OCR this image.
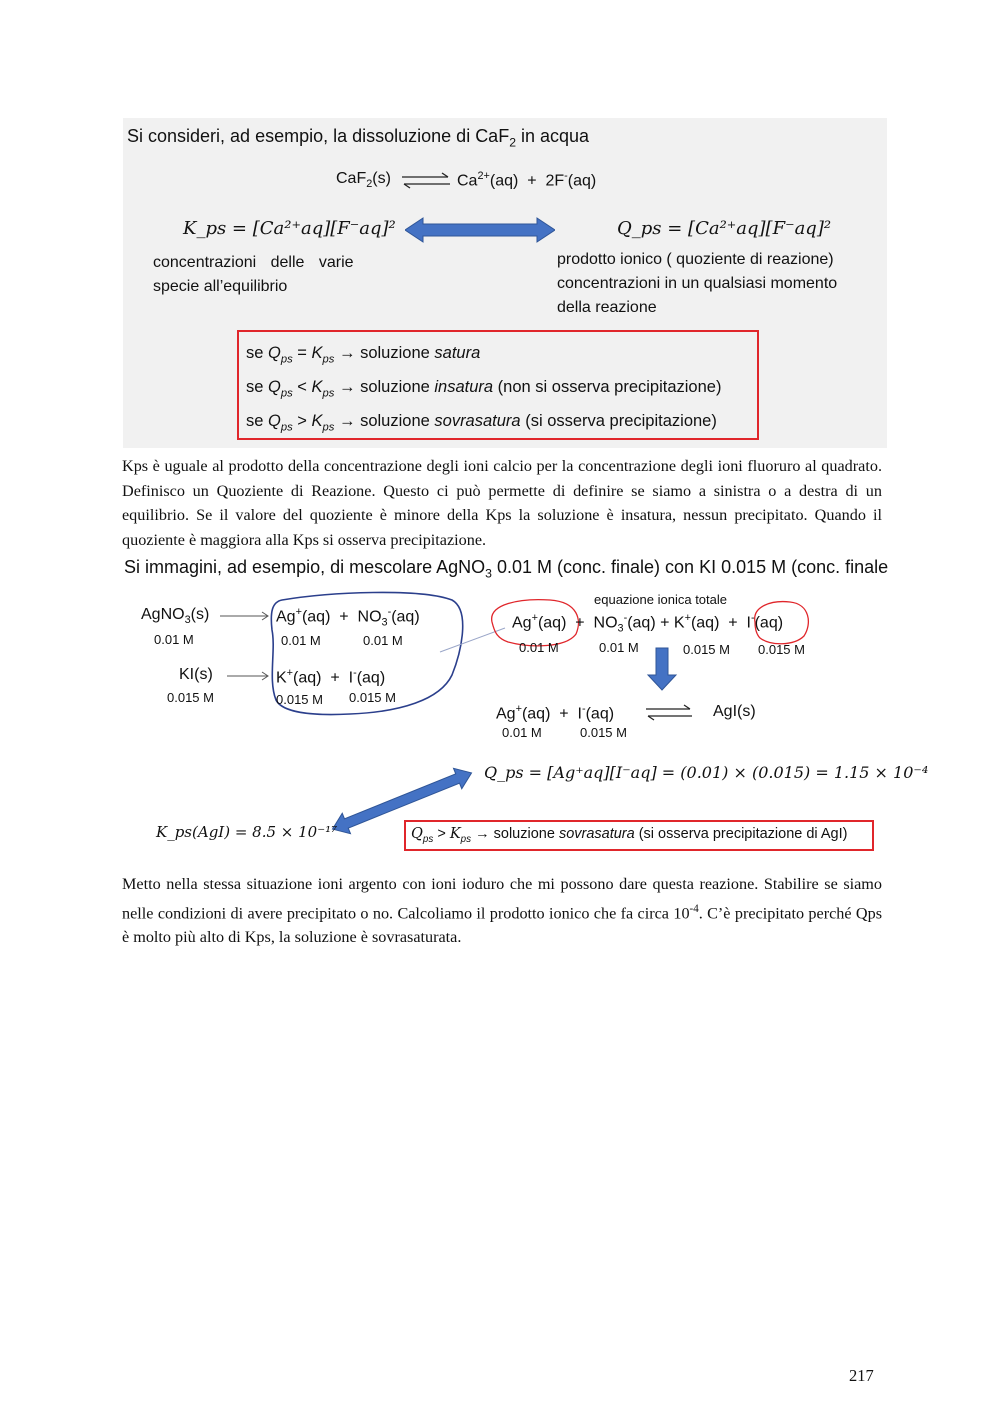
Si consideri, ad esempio, la dissoluzione di CaF$_2$ in acqua
CaF$_2$(s) ⇌ $Ca^{2+}(aq) + 2F^-(aq)$
K_ps = [Ca²⁺aq][F⁻aq]²	Q_ps = [Ca²⁺aq][F⁻aq]²
concentrazioni delle varie
specie all’equilibrio
prodotto ionico ( quoziente di reazione)
concentrazioni in un qualsiasi momento
della reazione
se $Q_{ps} = K_{ps}$ → soluzione satura
se $Q_{ps} < K_{ps}$ → soluzione insatura (non si osserva precipitazione)
se $Q_{ps} > K_{ps}$ → soluzione sovrasatura (si osserva precipitazione)
Kps è uguale al prodotto della concentrazione degli ioni calcio per la concentrazione degli ioni fluoruro al quadrato. Definisco un Quoziente di Reazione. Questo ci può permette di definire se siamo a sinistra o a destra di un equilibrio. Se il valore del quoziente è minore della Kps la soluzione è insatura, nessun precipitato. Quando il quoziente è maggiora alla Kps si osserva precipitazione.
Si immagini, ad esempio, di mescolare AgNO$_3$ 0.01 M (conc. finale) con KI 0.015 M (conc. finale
AgNO$_3$(s)
0.01 M
KI(s)
0.015 M
$Ag^+(aq) + NO_3^-(aq)$
0.01 M	0.01 M
K+(aq) + I-(aq)
0.015 M 0.015 M
equazione ionica totale
$Ag^+(aq) + NO_3^-(aq) + K^+(aq) + I^-(aq)$
0.01 M	0.01 M	0.015 M 0.015 M
Ag+(aq) + I-(aq)	AgI(s)
0.01 M	0.015 M
Q_ps = [Ag⁺aq][I⁻aq] = (0.01) × (0.015) = 1.15 × 10⁻⁴
K_ps(AgI) = 8.5 × 10⁻¹⁷	$Q_{ps} > K_{ps}$ → soluzione sovrasatura (si osserva precipitazione di AgI)
Metto nella stessa situazione ioni argento con ioni ioduro che mi possono dare questa reazione. Stabilire se siamo nelle condizioni di avere precipitato o no. Calcoliamo il prodotto ionico che fa circa $10^{-4}$. C’è precipitato perché Qps è molto più alto di Kps, la soluzione è sovrasaturata.
217
